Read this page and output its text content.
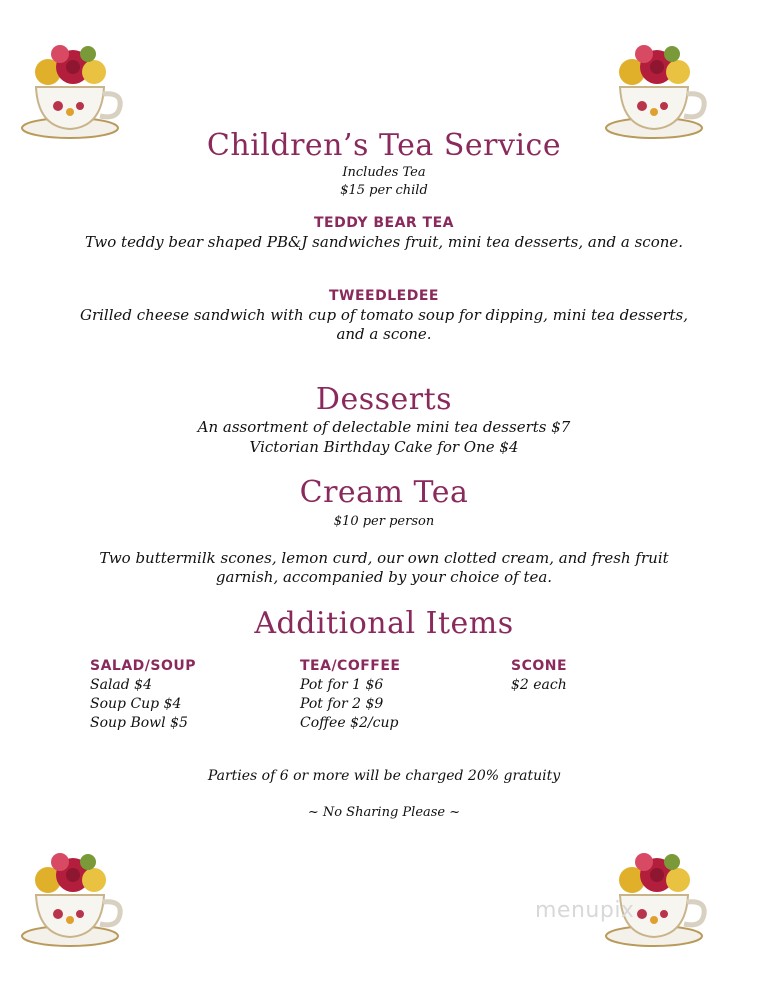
Children’s Tea Service
Includes Tea
$15 per child
TEDDY BEAR TEA
Two teddy bear shaped PB&J sandwiches fruit, mini tea desserts, and a scone.
TWEEDLEDEE
Grilled cheese sandwich with cup of tomato soup for dipping, mini tea desserts,
and a scone.
Desserts
An assortment of delectable mini tea desserts $7
Victorian Birthday Cake for One $4
Cream Tea
$10 per person
Two buttermilk scones, lemon curd, our own clotted cream, and fresh fruit
garnish, accompanied by your choice of tea.
Additional Items
SALAD/SOUP
Salad $4
Soup Cup $4
Soup Bowl $5
TEA/COFFEE
Pot for 1 $6
Pot for 2 $9
Coffee $2/cup
SCONE
$2 each
Parties of 6 or more will be charged 20% gratuity
~ No Sharing Please ~
menupix
